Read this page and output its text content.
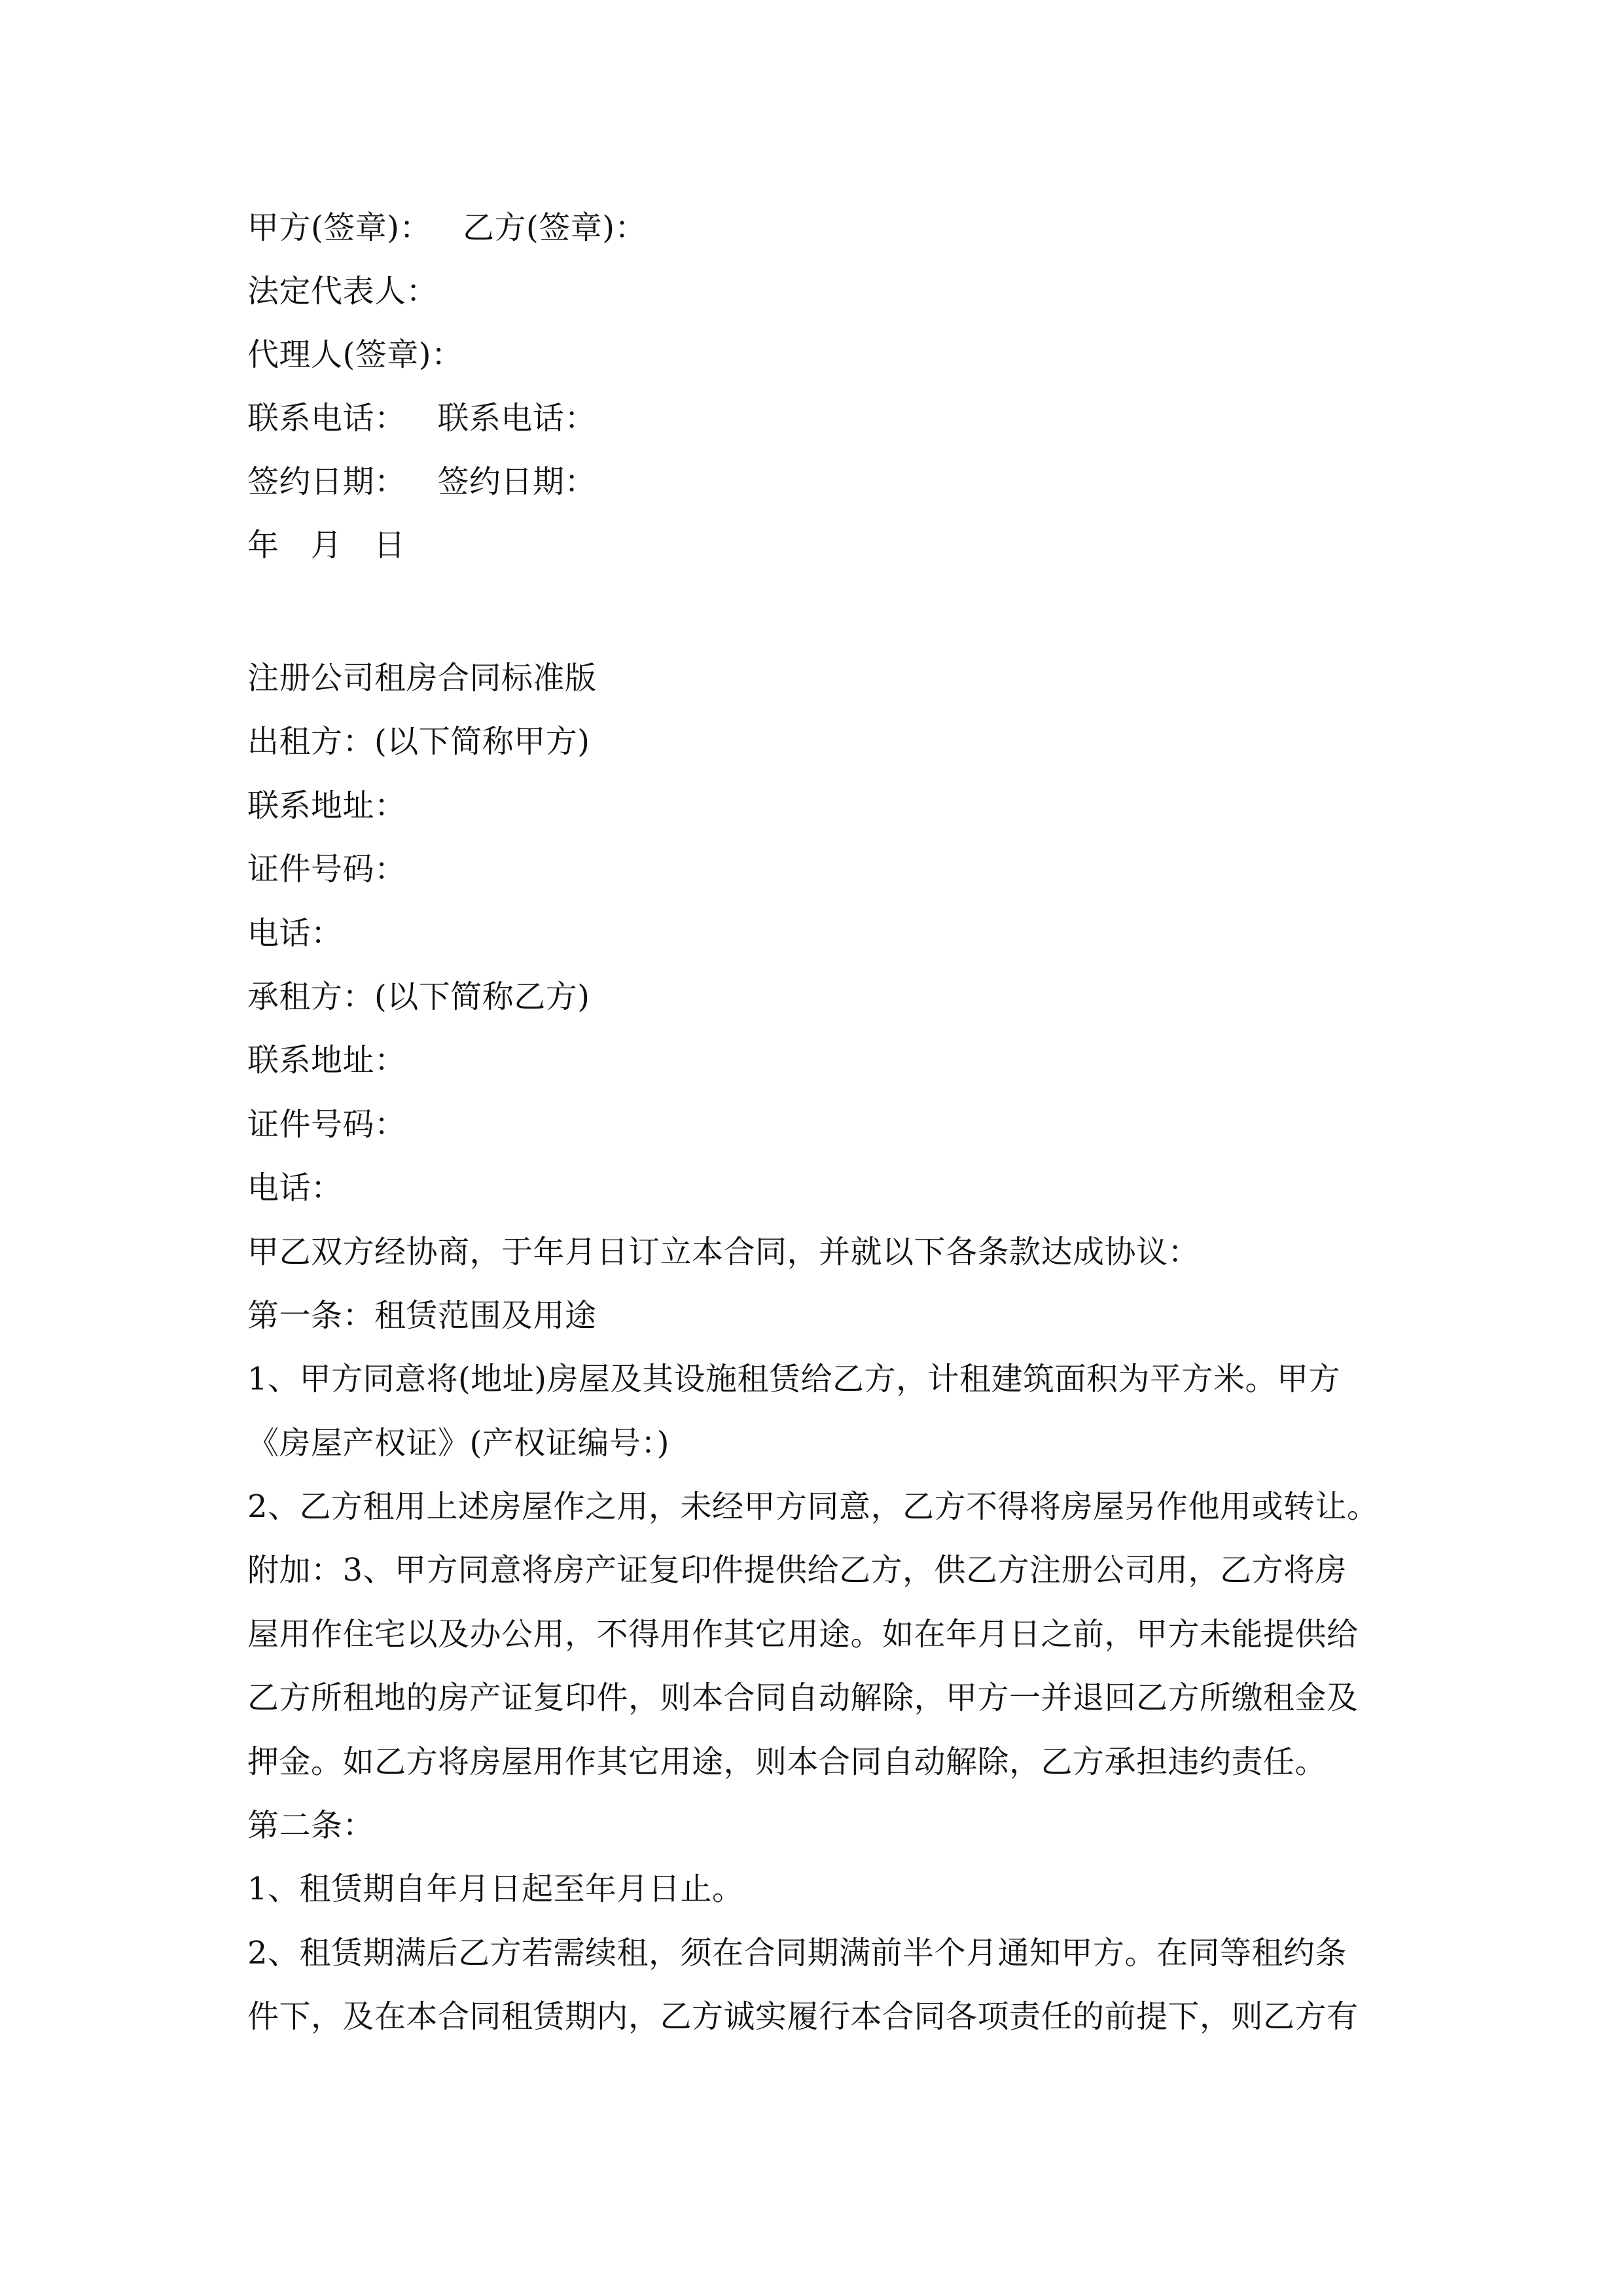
甲方(签章)： 乙方(签章)：
法定代表人：
代理人(签章)：
联系电话： 联系电话：
签约日期： 签约日期：
年 月 日
注册公司租房合同标准版
出租方：(以下简称甲方)
联系地址：
证件号码：
电话：
承租方：(以下简称乙方)
联系地址：
证件号码：
电话：
甲乙双方经协商，于年月日订立本合同，并就以下各条款达成协议：
第一条：租赁范围及用途
1、甲方同意将(地址)房屋及其设施租赁给乙方，计租建筑面积为平方米。甲方
《房屋产权证》(产权证编号：)
2、乙方租用上述房屋作之用，未经甲方同意，乙方不得将房屋另作他用或转让。
附加：3、甲方同意将房产证复印件提供给乙方，供乙方注册公司用，乙方将房
屋用作住宅以及办公用，不得用作其它用途。如在年月日之前，甲方未能提供给
乙方所租地的房产证复印件，则本合同自动解除，甲方一并退回乙方所缴租金及
押金。如乙方将房屋用作其它用途，则本合同自动解除，乙方承担违约责任。
第二条：
1、租赁期自年月日起至年月日止。
2、租赁期满后乙方若需续租，须在合同期满前半个月通知甲方。在同等租约条
件下，及在本合同租赁期内，乙方诚实履行本合同各项责任的前提下，则乙方有
